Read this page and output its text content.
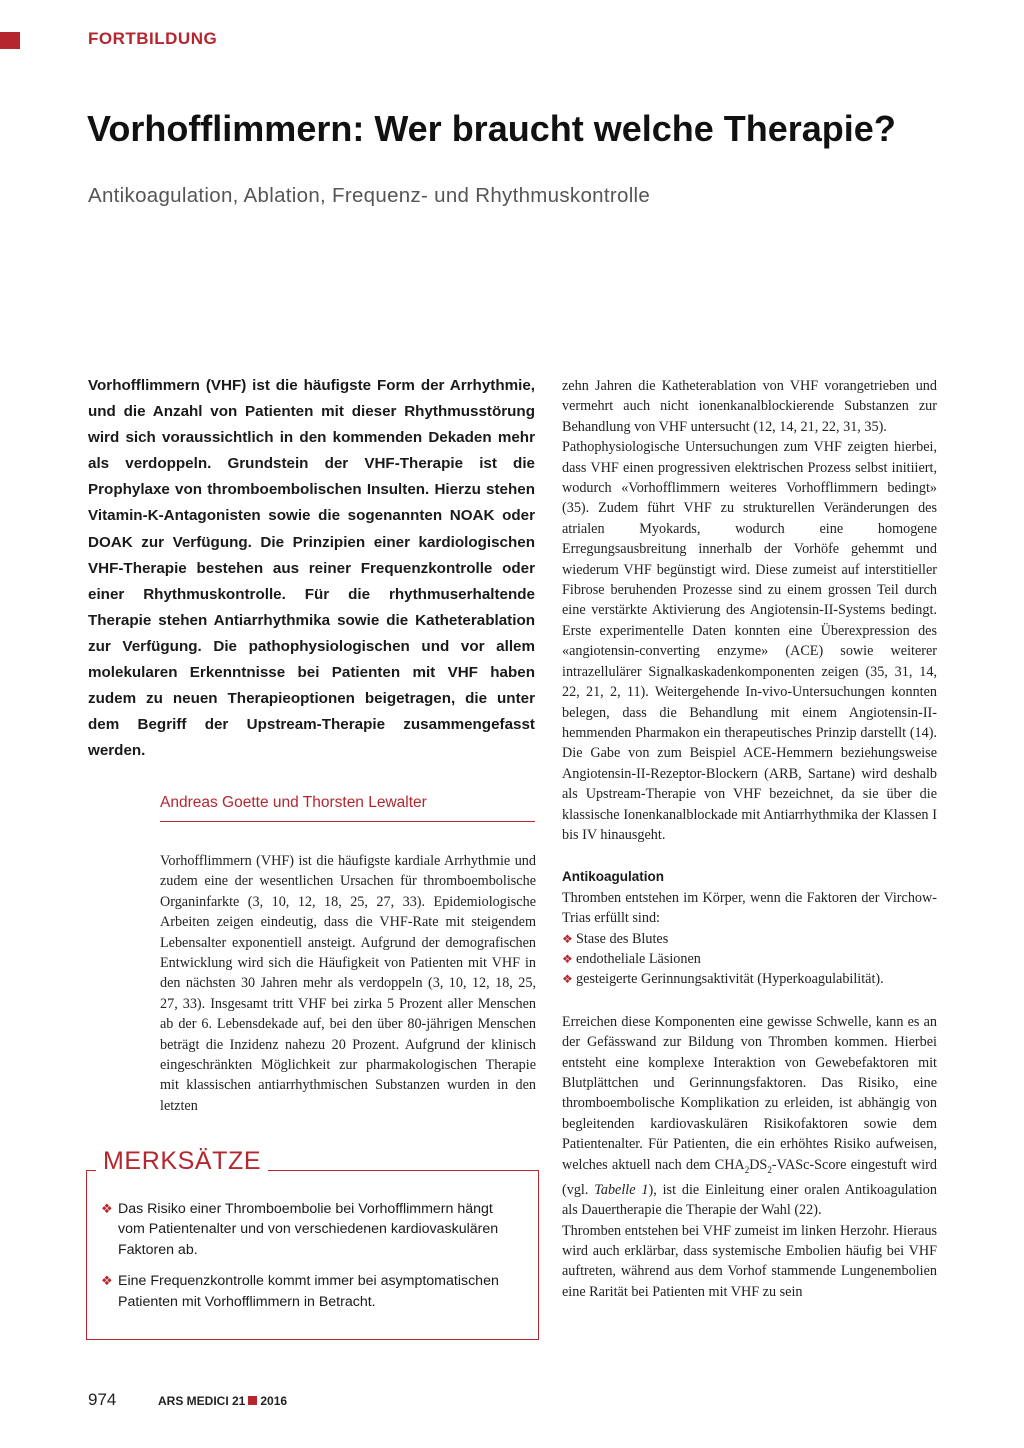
FORTBILDUNG
Vorhofflimmern: Wer braucht welche Therapie?
Antikoagulation, Ablation, Frequenz- und Rhythmuskontrolle

Vorhofflimmern (VHF) ist die häufigste Form der Arrhythmie, und die Anzahl von Patienten mit dieser Rhythmusstörung wird sich voraussichtlich in den kommenden Dekaden mehr als verdoppeln. Grundstein der VHF-Therapie ist die Prophylaxe von thromboembolischen Insulten. Hierzu stehen Vitamin-K-Antagonisten sowie die sogenannten NOAK oder DOAK zur Verfügung. Die Prinzipien einer kardiologischen VHF-Therapie bestehen aus reiner Frequenzkontrolle oder einer Rhythmuskontrolle. Für die rhythmuserhaltende Therapie stehen Antiarrhythmika sowie die Katheterablation zur Verfügung. Die pathophysiologischen und vor allem molekularen Erkenntnisse bei Patienten mit VHF haben zudem zu neuen Therapieoptionen beigetragen, die unter dem Begriff der Upstream-Therapie zusammengefasst werden.

Andreas Goette und Thorsten Lewalter

Vorhofflimmern (VHF) ist die häufigste kardiale Arrhythmie und zudem eine der wesentlichen Ursachen für thromboembolische Organinfarkte (3, 10, 12, 18, 25, 27, 33). Epidemiologische Arbeiten zeigen eindeutig, dass die VHF-Rate mit steigendem Lebensalter exponentiell ansteigt. Aufgrund der demografischen Entwicklung wird sich die Häufigkeit von Patienten mit VHF in den nächsten 30 Jahren mehr als verdoppeln (3, 10, 12, 18, 25, 27, 33). Insgesamt tritt VHF bei zirka 5 Prozent aller Menschen ab der 6. Lebensdekade auf, bei den über 80-jährigen Menschen beträgt die Inzidenz nahezu 20 Prozent. Aufgrund der klinisch eingeschränkten Möglichkeit zur pharmakologischen Therapie mit klassischen antiarrhythmischen Substanzen wurden in den letzten

MERKSÄTZE
❖ Das Risiko einer Thromboembolie bei Vorhofflimmern hängt vom Patientenalter und von verschiedenen kardiovaskulären Faktoren ab.
❖ Eine Frequenzkontrolle kommt immer bei asymptomatischen Patienten mit Vorhofflimmern in Betracht.

zehn Jahren die Katheterablation von VHF vorangetrieben und vermehrt auch nicht ionenkanalblockierende Substanzen zur Behandlung von VHF untersucht (12, 14, 21, 22, 31, 35).

Pathophysiologische Untersuchungen zum VHF zeigten hierbei, dass VHF einen progressiven elektrischen Prozess selbst initiiert, wodurch «Vorhofflimmern weiteres Vorhofflimmern bedingt» (35). Zudem führt VHF zu strukturellen Veränderungen des atrialen Myokards, wodurch eine homogene Erregungsausbreitung innerhalb der Vorhöfe gehemmt und wiederum VHF begünstigt wird. Diese zumeist auf interstitieller Fibrose beruhenden Prozesse sind zu einem grossen Teil durch eine verstärkte Aktivierung des Angiotensin-II-Systems bedingt. Erste experimentelle Daten konnten eine Überexpression des «angiotensin-converting enzyme» (ACE) sowie weiterer intrazellulärer Signalkaskadenkomponenten zeigen (35, 31, 14, 22, 21, 2, 11). Weitergehende In-vivo-Untersuchungen konnten belegen, dass die Behandlung mit einem Angiotensin-II-hemmenden Pharmakon ein therapeutisches Prinzip darstellt (14). Die Gabe von zum Beispiel ACE-Hemmern beziehungsweise Angiotensin-II-Rezeptor-Blockern (ARB, Sartane) wird deshalb als Upstream-Therapie von VHF bezeichnet, da sie über die klassische Ionenkanalblockade mit Antiarrhythmika der Klassen I bis IV hinausgeht.

Antikoagulation

Thromben entstehen im Körper, wenn die Faktoren der Virchow-Trias erfüllt sind:

❖ Stase des Blutes
❖ endotheliale Läsionen
❖ gesteigerte Gerinnungsaktivität (Hyperkoagulabilität).

Erreichen diese Komponenten eine gewisse Schwelle, kann es an der Gefässwand zur Bildung von Thromben kommen. Hierbei entsteht eine komplexe Interaktion von Gewebefaktoren mit Blutplättchen und Gerinnungsfaktoren. Das Risiko, eine thromboembolische Komplikation zu erleiden, ist abhängig von begleitenden kardiovaskulären Risikofaktoren sowie dem Patientenalter. Für Patienten, die ein erhöhtes Risiko aufweisen, welches aktuell nach dem $CHA_2DS_2-VASc$-Score eingestuft wird (vgl. Tabelle 1), ist die Einleitung einer oralen Antikoagulation als Dauertherapie die Therapie der Wahl (22).

Thromben entstehen bei VHF zumeist im linken Herzohr. Hieraus wird auch erklärbar, dass systemische Embolien häufig bei VHF auftreten, während aus dem Vorhof stammende Lungenembolien eine Rarität bei Patienten mit VHF zu sein

974	ARS MEDICI 21 2016
